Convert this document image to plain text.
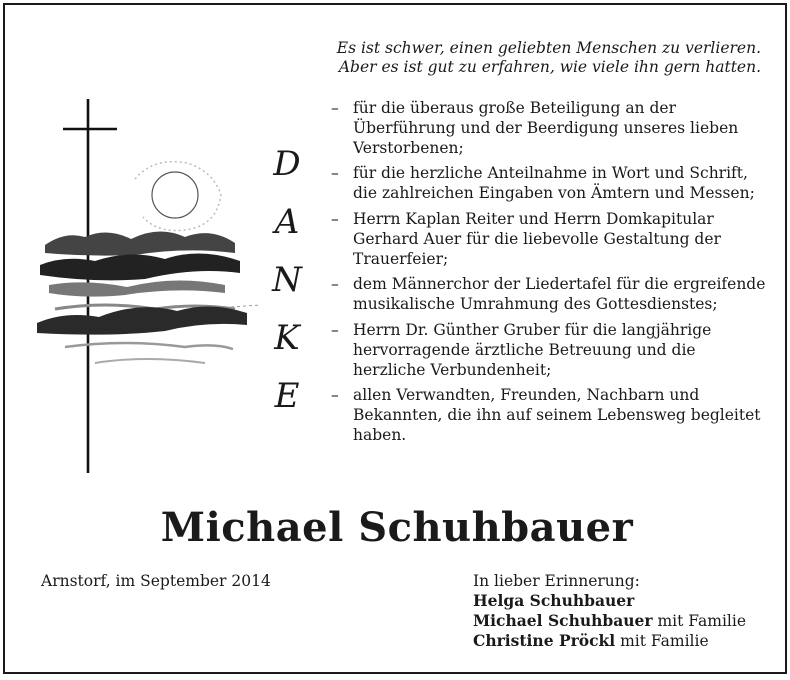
Es ist schwer, einen geliebten Menschen zu verlieren.
Aber es ist gut zu erfahren, wie viele ihn gern hatten.
D
A
N
K
E
– für die überaus große Beteiligung an der Überführung und der Beerdigung unseres lieben Verstorbenen;
– für die herzliche Anteilnahme in Wort und Schrift, die zahlreichen Eingaben von Ämtern und Messen;
– Herrn Kaplan Reiter und Herrn Domkapitular Gerhard Auer für die liebevolle Gestaltung der Trauerfeier;
– dem Männerchor der Liedertafel für die ergreifende musikalische Umrahmung des Gottesdienstes;
– Herrn Dr. Günther Gruber für die langjährige hervorragende ärztliche Betreuung und die herzliche Verbundenheit;
– allen Verwandten, Freunden, Nachbarn und Bekannten, die ihn auf seinem Lebensweg begleitet haben.
Michael Schuhbauer
Arnstorf, im September 2014	In lieber Erinnerung:
Helga Schuhbauer
Michael Schuhbauer mit Familie
Christine Pröckl mit Familie
